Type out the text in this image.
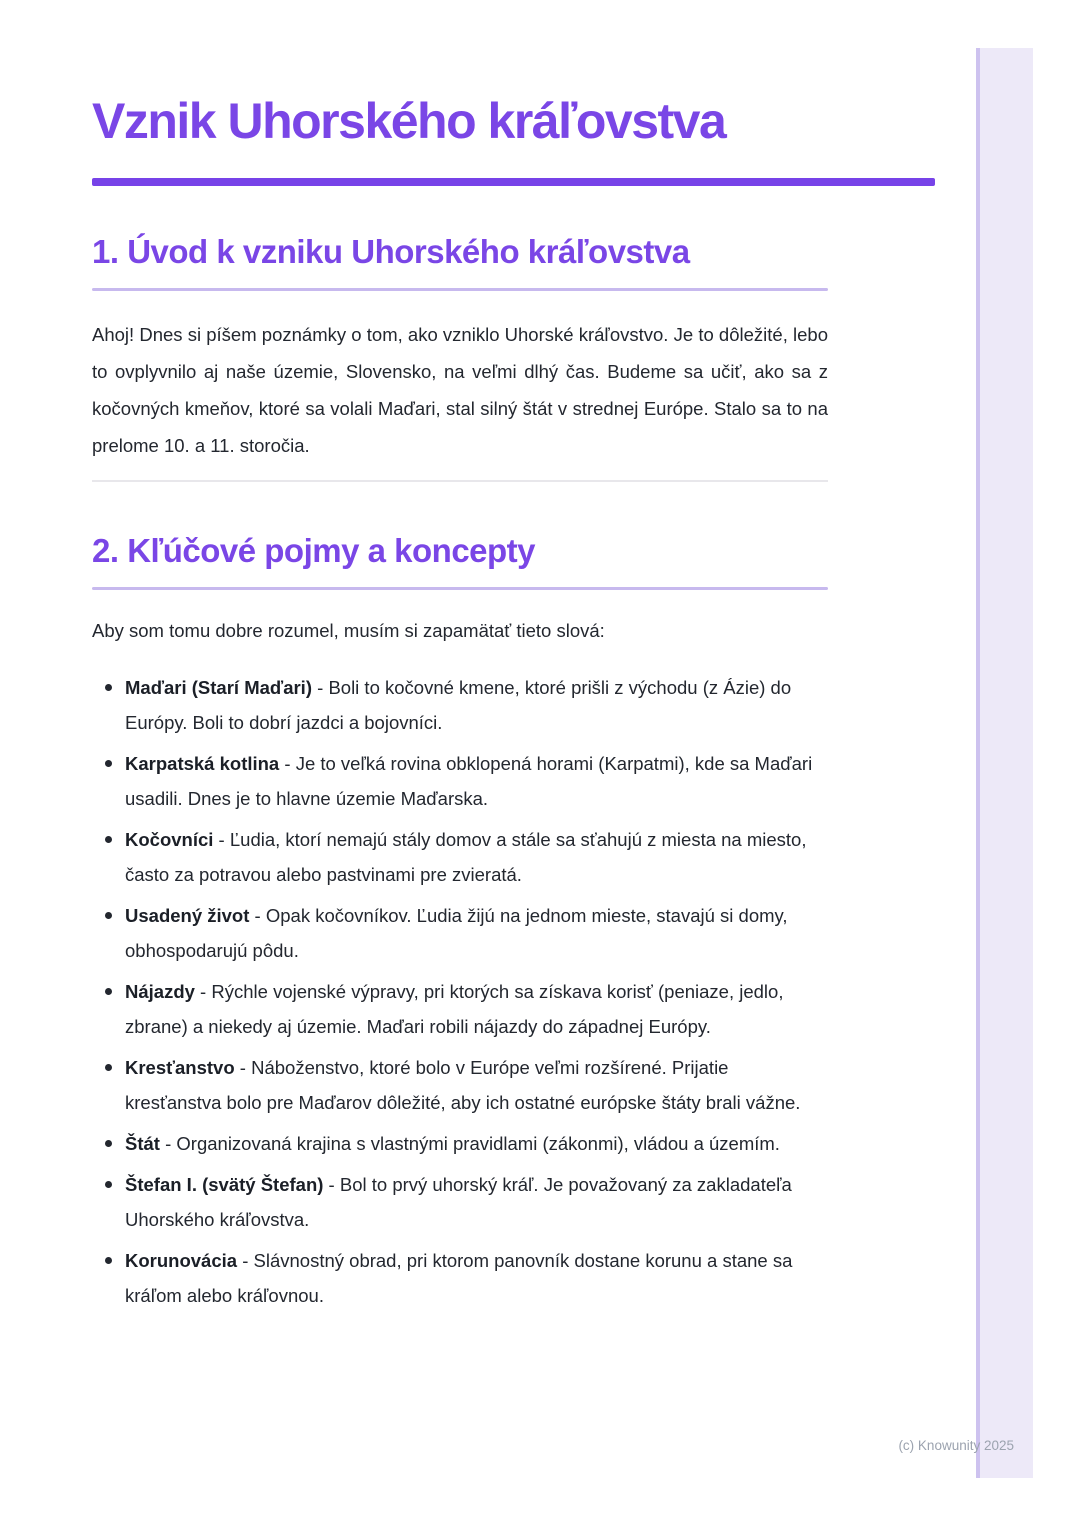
Vznik Uhorského kráľovstva
1. Úvod k vzniku Uhorského kráľovstva

Ahoj! Dnes si píšem poznámky o tom, ako vzniklo Uhorské kráľovstvo. Je to dôležité, lebo to ovplyvnilo aj naše územie, Slovensko, na veľmi dlhý čas. Budeme sa učiť, ako sa z kočovných kmeňov, ktoré sa volali Maďari, stal silný štát v strednej Európe. Stalo sa to na prelome 10. a 11. storočia.

2. Kľúčové pojmy a koncepty

Aby som tomu dobre rozumel, musím si zapamätať tieto slová:

Maďari (Starí Maďari) - Boli to kočovné kmene, ktoré prišli z východu (z Ázie) do Európy. Boli to dobrí jazdci a bojovníci.
Karpatská kotlina - Je to veľká rovina obklopená horami (Karpatmi), kde sa Maďari usadili. Dnes je to hlavne územie Maďarska.
Kočovníci - Ľudia, ktorí nemajú stály domov a stále sa sťahujú z miesta na miesto, často za potravou alebo pastvinami pre zvieratá.
Usadený život - Opak kočovníkov. Ľudia žijú na jednom mieste, stavajú si domy, obhospodarujú pôdu.
Nájazdy - Rýchle vojenské výpravy, pri ktorých sa získava korisť (peniaze, jedlo, zbrane) a niekedy aj územie. Maďari robili nájazdy do západnej Európy.
Kresťanstvo - Náboženstvo, ktoré bolo v Európe veľmi rozšírené. Prijatie kresťanstva bolo pre Maďarov dôležité, aby ich ostatné európske štáty brali vážne.
Štát - Organizovaná krajina s vlastnými pravidlami (zákonmi), vládou a územím.
Štefan I. (svätý Štefan) - Bol to prvý uhorský kráľ. Je považovaný za zakladateľa Uhorského kráľovstva.
Korunovácia - Slávnostný obrad, pri ktorom panovník dostane korunu a stane sa kráľom alebo kráľovnou.
(c) Knowunity 2025
